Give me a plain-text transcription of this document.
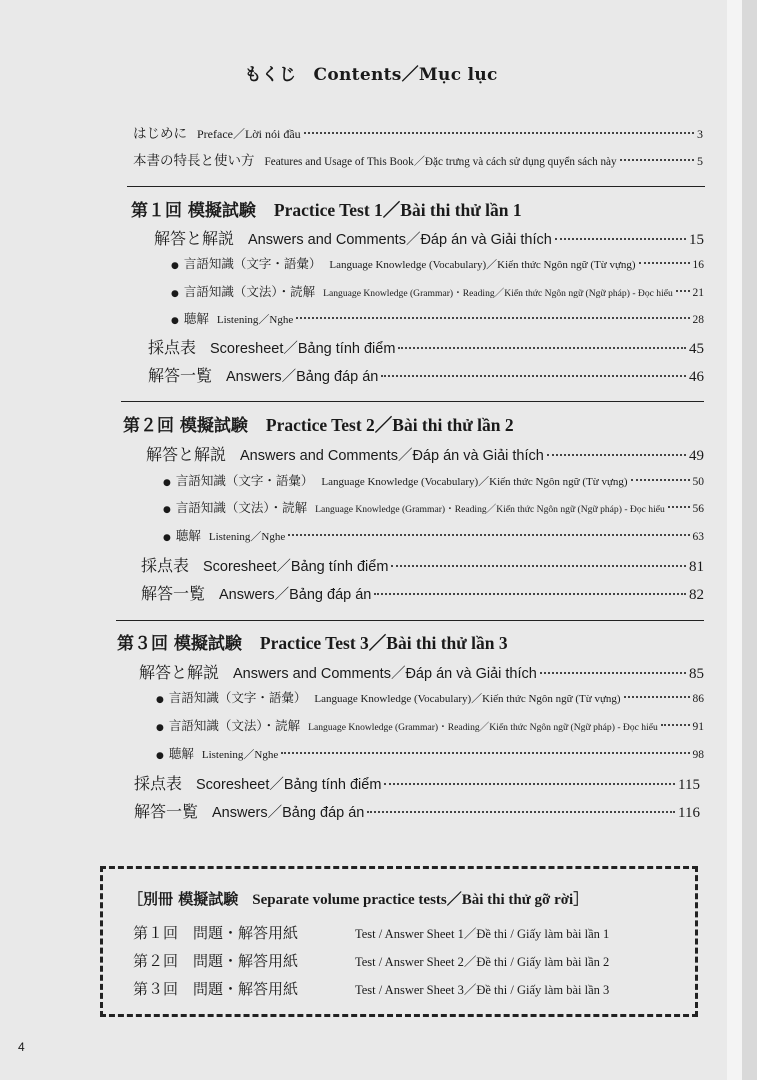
もくじ　Contents／Mục lục
はじめに Preface／Lời nói đầu	3
本書の特長と使い方 Features and Usage of This Book／Đặc trưng và cách sử dụng quyển sách này	5
第１回 模擬試験 Practice Test 1／Bài thi thử lần 1
解答と解説 Answers and Comments／Đáp án và Giải thích	15
● 言語知識（文字・語彙） Language Knowledge (Vocabulary)／Kiến thức Ngôn ngữ (Từ vựng)	16
● 言語知識（文法）・読解 Language Knowledge (Grammar)・Reading／Kiến thức Ngôn ngữ (Ngữ pháp) - Đọc hiểu 21
● 聴解 Listening／Nghe	28
採点表 Scoresheet／Bảng tính điểm	45
解答一覧 Answers／Bảng đáp án	46
第２回 模擬試験 Practice Test 2／Bài thi thử lần 2
解答と解説 Answers and Comments／Đáp án và Giải thích	49
● 言語知識（文字・語彙） Language Knowledge (Vocabulary)／Kiến thức Ngôn ngữ (Từ vựng)	50
● 言語知識（文法）・読解 Language Knowledge (Grammar)・Reading／Kiến thức Ngôn ngữ (Ngữ pháp) - Đọc hiểu 56
● 聴解 Listening／Nghe	63
採点表 Scoresheet／Bảng tính điểm	81
解答一覧 Answers／Bảng đáp án	82
第３回 模擬試験 Practice Test 3／Bài thi thử lần 3
解答と解説 Answers and Comments／Đáp án và Giải thích	85
● 言語知識（文字・語彙） Language Knowledge (Vocabulary)／Kiến thức Ngôn ngữ (Từ vựng)	86
● 言語知識（文法）・読解 Language Knowledge (Grammar)・Reading／Kiến thức Ngôn ngữ (Ngữ pháp) - Đọc hiểu	91
● 聴解 Listening／Nghe	98
採点表 Scoresheet／Bảng tính điểm	115
解答一覧 Answers／Bảng đáp án	116
［別冊 模擬試験 Separate volume practice tests／Bài thi thử gỡ rời］
第１回　問題・解答用紙	Test / Answer Sheet 1／Đề thi / Giấy làm bài lần 1
第２回　問題・解答用紙	Test / Answer Sheet 2／Đề thi / Giấy làm bài lần 2
第３回　問題・解答用紙	Test / Answer Sheet 3／Đề thi / Giấy làm bài lần 3
4
